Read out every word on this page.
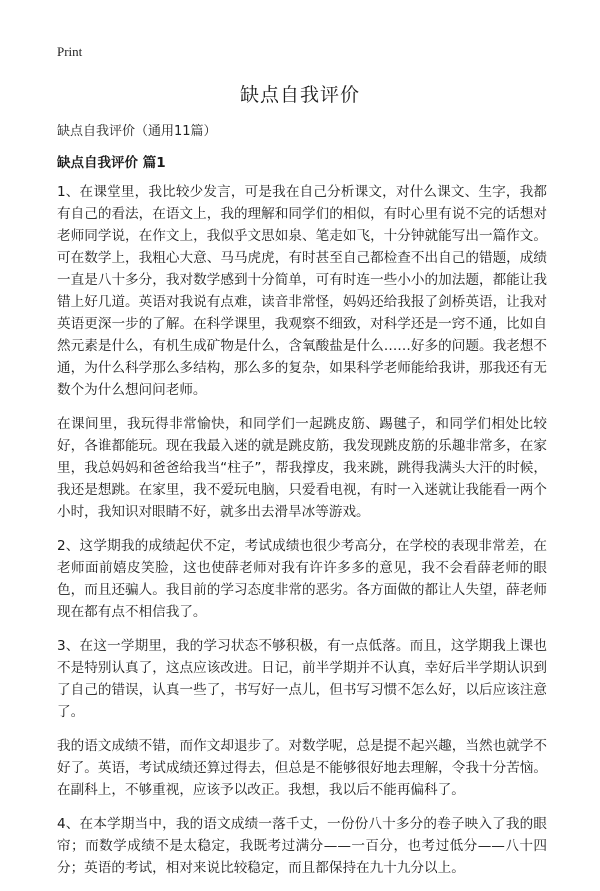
Print
缺点自我评价
缺点自我评价（通用11篇）
缺点自我评价 篇1

1、在课堂里，我比较少发言，可是我在自己分析课文，对什么课文、生字，我都有自己的看法，在语文上，我的理解和同学们的相似，有时心里有说不完的话想对老师同学说，在作文上，我似乎文思如泉、笔走如飞，十分钟就能写出一篇作文。可在数学上，我粗心大意、马马虎虎，有时甚至自己都检查不出自己的错题，成绩一直是八十多分，我对数学感到十分简单，可有时连一些小小的加法题，都能让我错上好几道。英语对我说有点难，读音非常怪，妈妈还给我报了剑桥英语，让我对英语更深一步的了解。在科学课里，我观察不细致，对科学还是一窍不通，比如自然元素是什么，有机生成矿物是什么，含氧酸盐是什么……好多的问题。我老想不通，为什么科学那么多结构，那么多的复杂，如果科学老师能给我讲，那我还有无数个为什么想问问老师。

在课间里，我玩得非常愉快，和同学们一起跳皮筋、踢毽子，和同学们相处比较好，各谁都能玩。现在我最入迷的就是跳皮筋，我发现跳皮筋的乐趣非常多，在家里，我总妈妈和爸爸给我当“柱子”，帮我撑皮，我来跳，跳得我满头大汗的时候，我还是想跳。在家里，我不爱玩电脑，只爱看电视，有时一入迷就让我能看一两个小时，我知识对眼睛不好，就多出去滑旱冰等游戏。

2、这学期我的成绩起伏不定，考试成绩也很少考高分，在学校的表现非常差，在老师面前嬉皮笑脸，这也使薛老师对我有许许多多的意见，我不会看薛老师的眼色，而且还骗人。我目前的学习态度非常的恶劣。各方面做的都让人失望，薛老师现在都有点不相信我了。

3、在这一学期里，我的学习状态不够积极，有一点低落。而且，这学期我上课也不是特别认真了，这点应该改进。日记，前半学期并不认真，幸好后半学期认识到了自己的错误，认真一些了，书写好一点儿，但书写习惯不怎么好，以后应该注意了。

我的语文成绩不错，而作文却退步了。对数学呢，总是提不起兴趣，当然也就学不好了。英语，考试成绩还算过得去，但总是不能够很好地去理解，令我十分苦恼。在副科上，不够重视，应该予以改正。我想，我以后不能再偏科了。

4、在本学期当中，我的语文成绩一落千丈，一份份八十多分的卷子映入了我的眼帘；而数学成绩不是太稳定，我既考过满分——一百分，也考过低分——八十四分；英语的考试，相对来说比较稳定，而且都保持在九十九分以上。
